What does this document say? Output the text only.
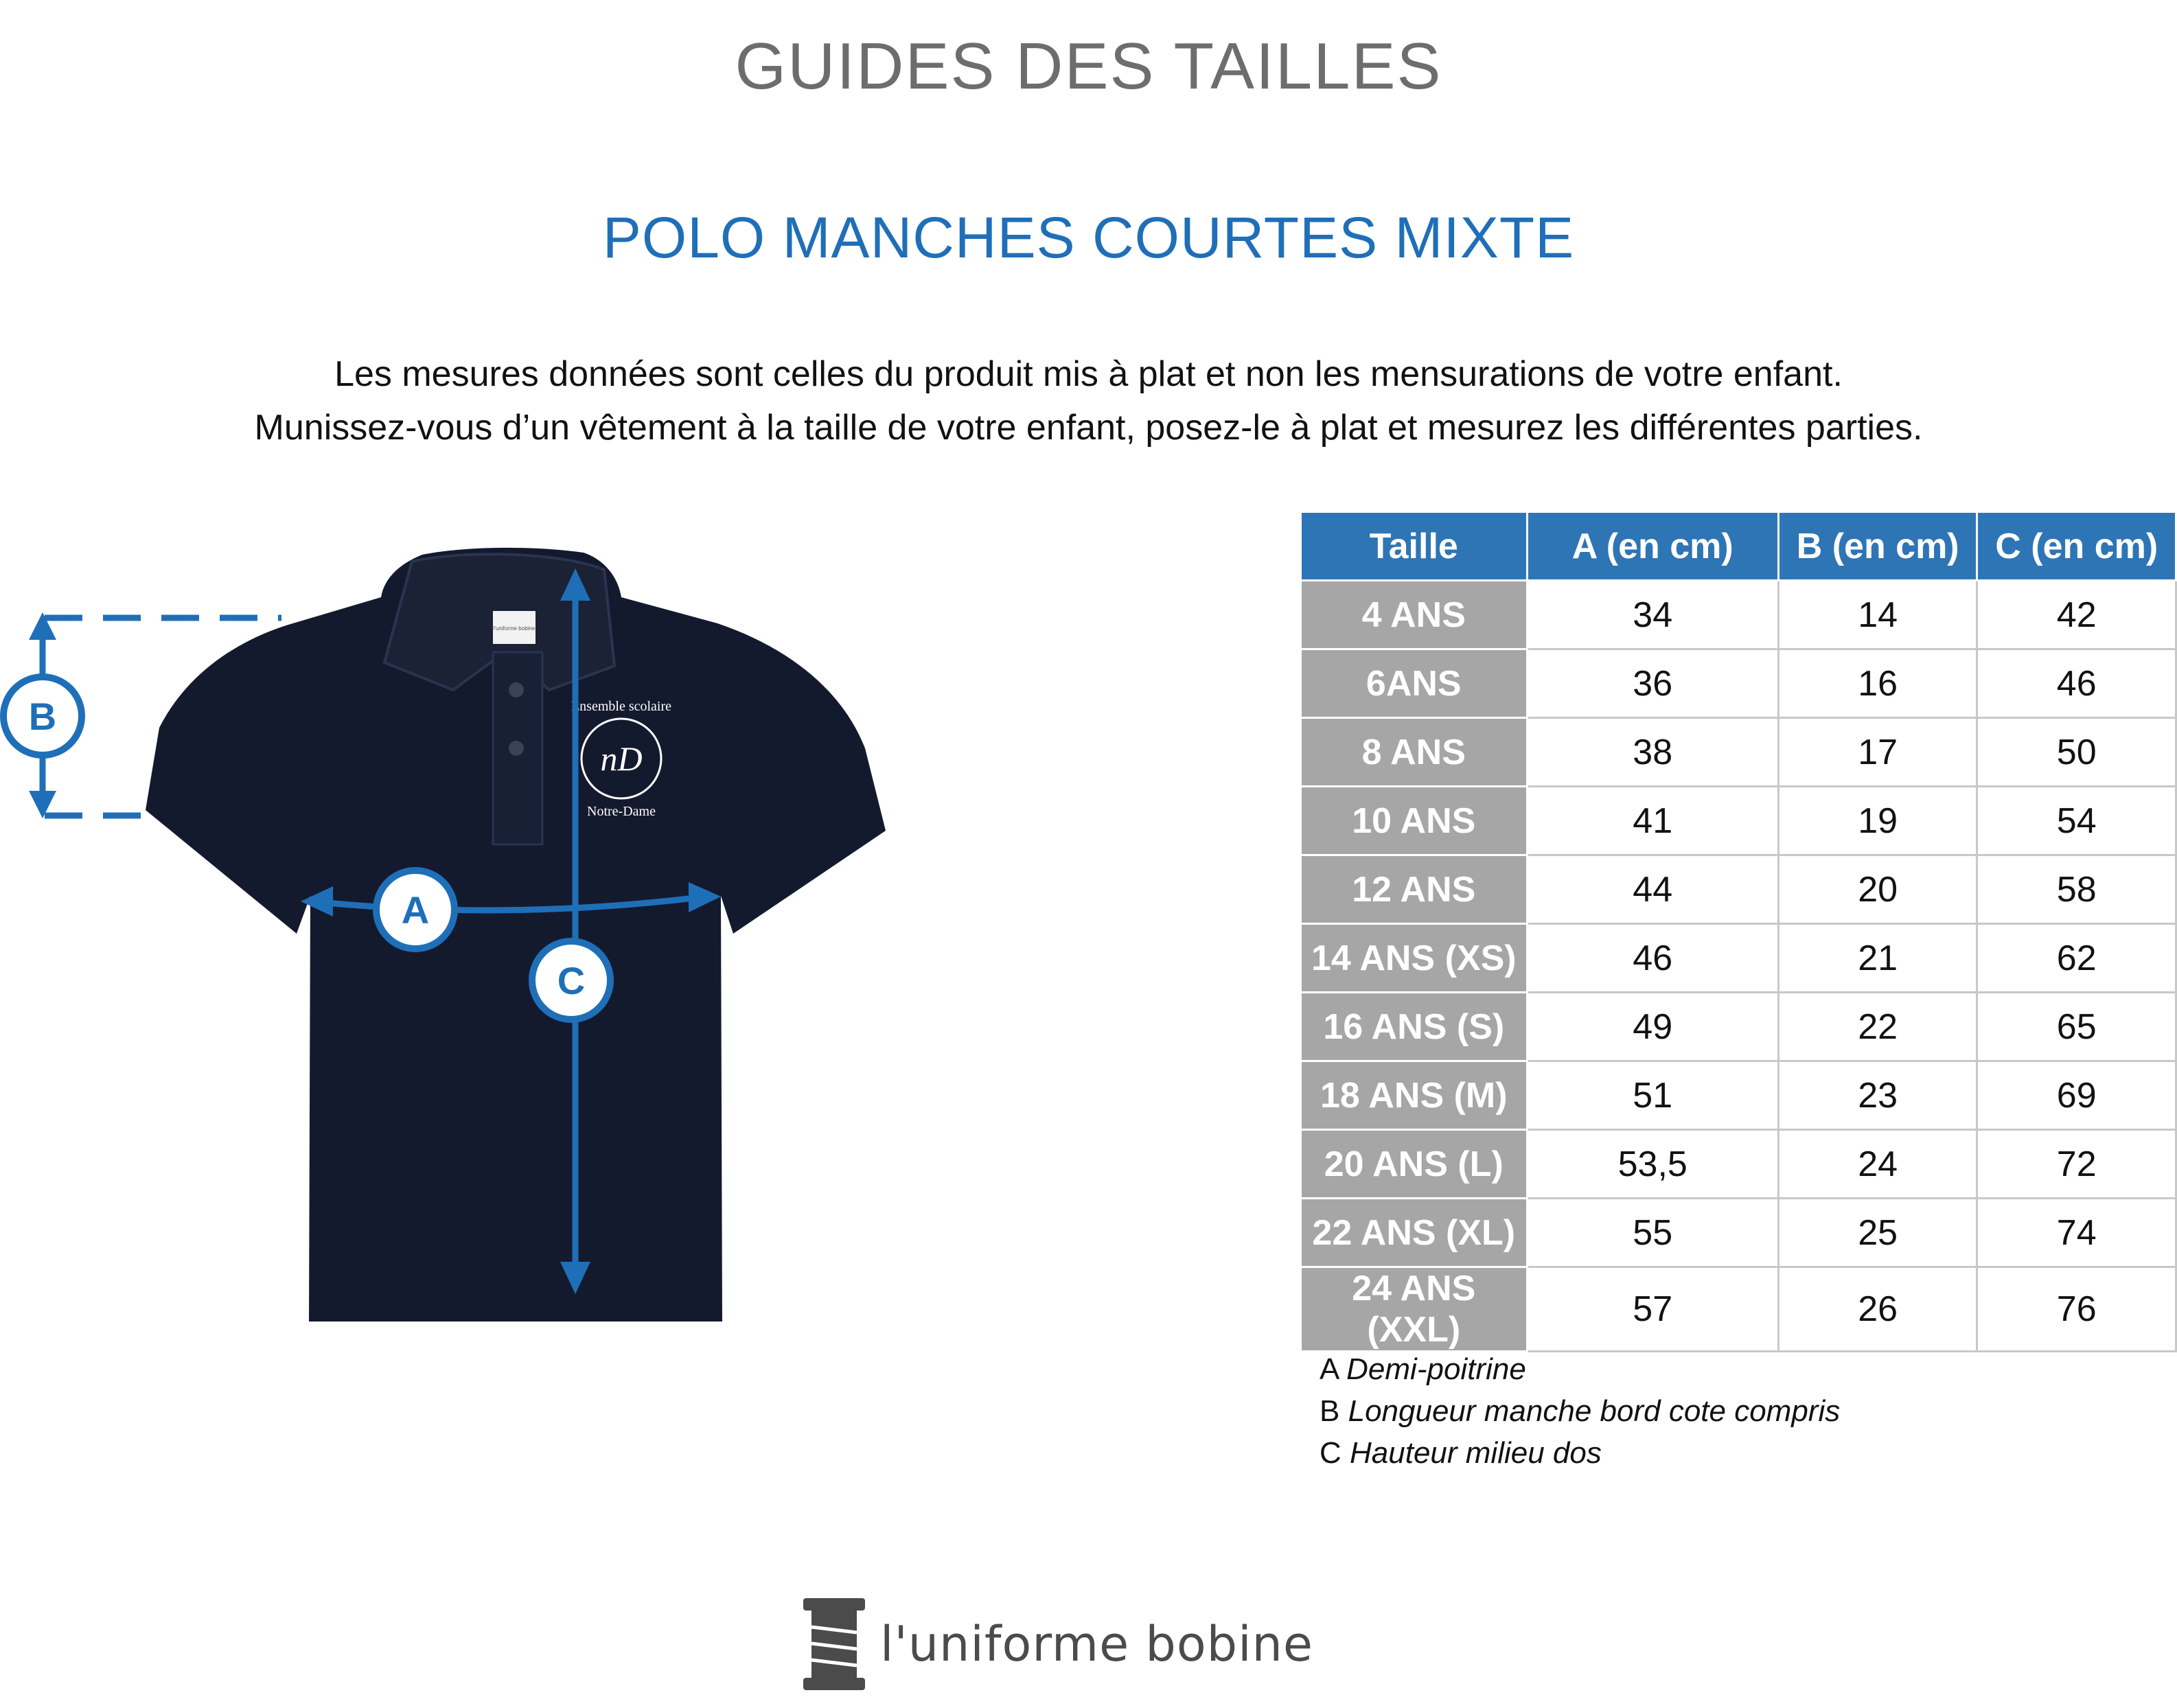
GUIDES DES TAILLES
POLO MANCHES COURTES MIXTE
Les mesures données sont celles du produit mis à plat et non les mensurations de votre enfant.
Munissez-vous d’un vêtement à la taille de votre enfant, posez-le à plat et mesurez les différentes parties.
l'uniforme bobine
nD
Ensemble scolaire
Notre-Dame
B
A
C
Taille	A (en cm)	B (en cm)	C (en cm)
4 ANS	34	14	42
6ANS	36	16	46
8 ANS	38	17	50
10 ANS	41	19	54
12 ANS	44	20	58
14 ANS (XS)	46	21	62
16 ANS (S)	49	22	65
18 ANS (M)	51	23	69
20 ANS (L)	53,5	24	72
22 ANS (XL)	55	25	74
24 ANS (XXL)	57	26	76
A Demi-poitrine
B Longueur manche bord cote compris
C Hauteur milieu dos
l'uniforme bobine
